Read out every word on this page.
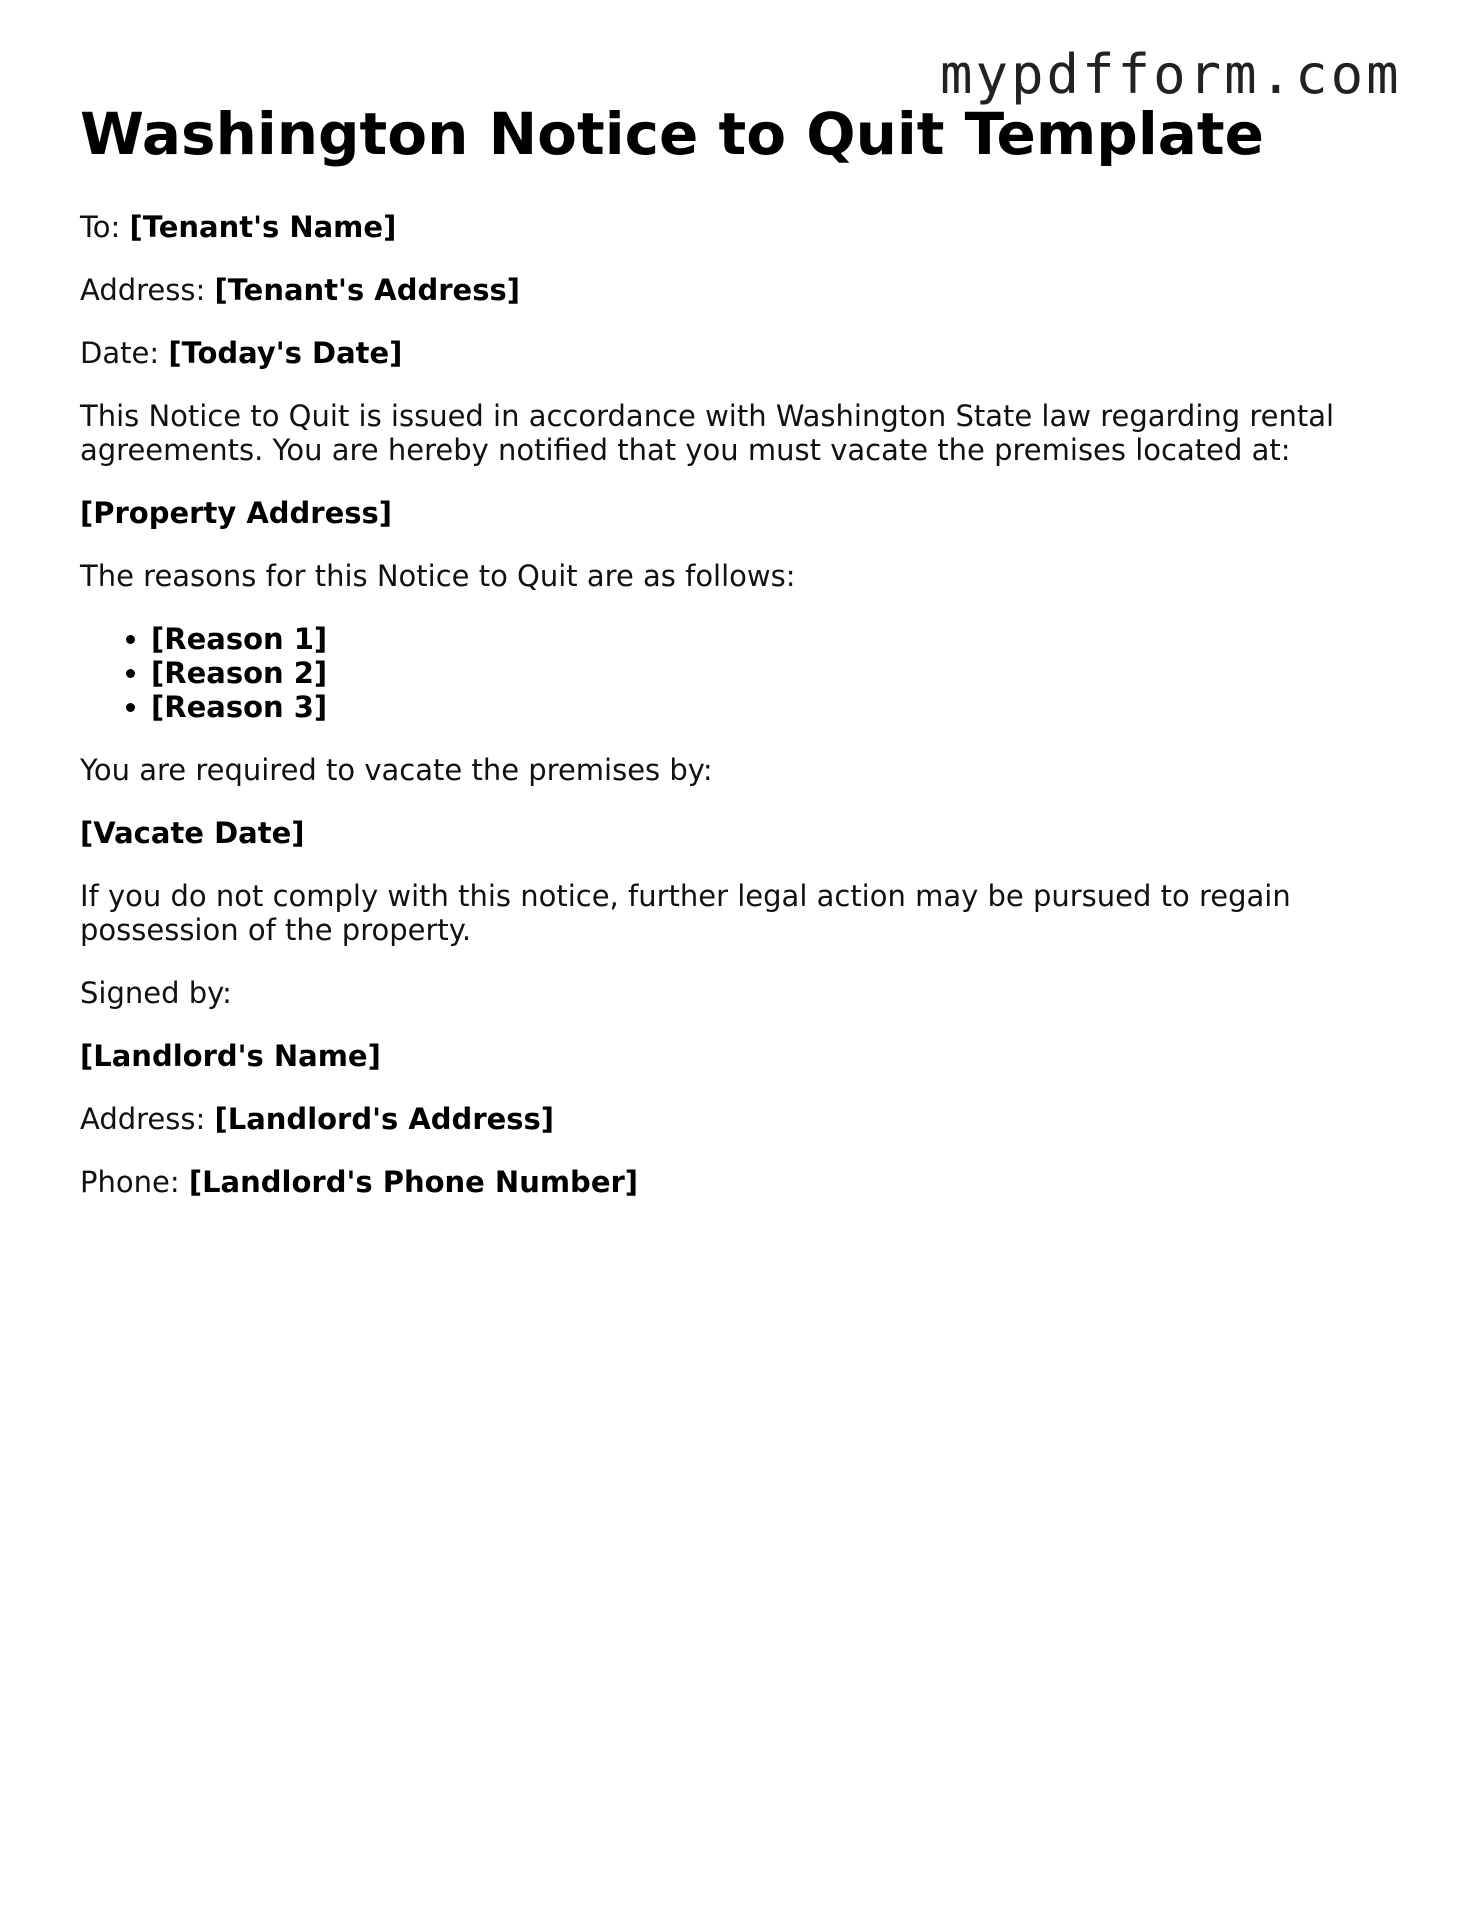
mypdfform.com
Washington Notice to Quit Template

To: [Tenant's Name]

Address: [Tenant's Address]

Date: [Today's Date]

This Notice to Quit is issued in accordance with Washington State law regarding rental agreements. You are hereby notified that you must vacate the premises located at:

[Property Address]

The reasons for this Notice to Quit are as follows:

• [Reason 1]
• [Reason 2]
• [Reason 3]

You are required to vacate the premises by:

[Vacate Date]

If you do not comply with this notice, further legal action may be pursued to regain possession of the property.

Signed by:

[Landlord's Name]

Address: [Landlord's Address]

Phone: [Landlord's Phone Number]
